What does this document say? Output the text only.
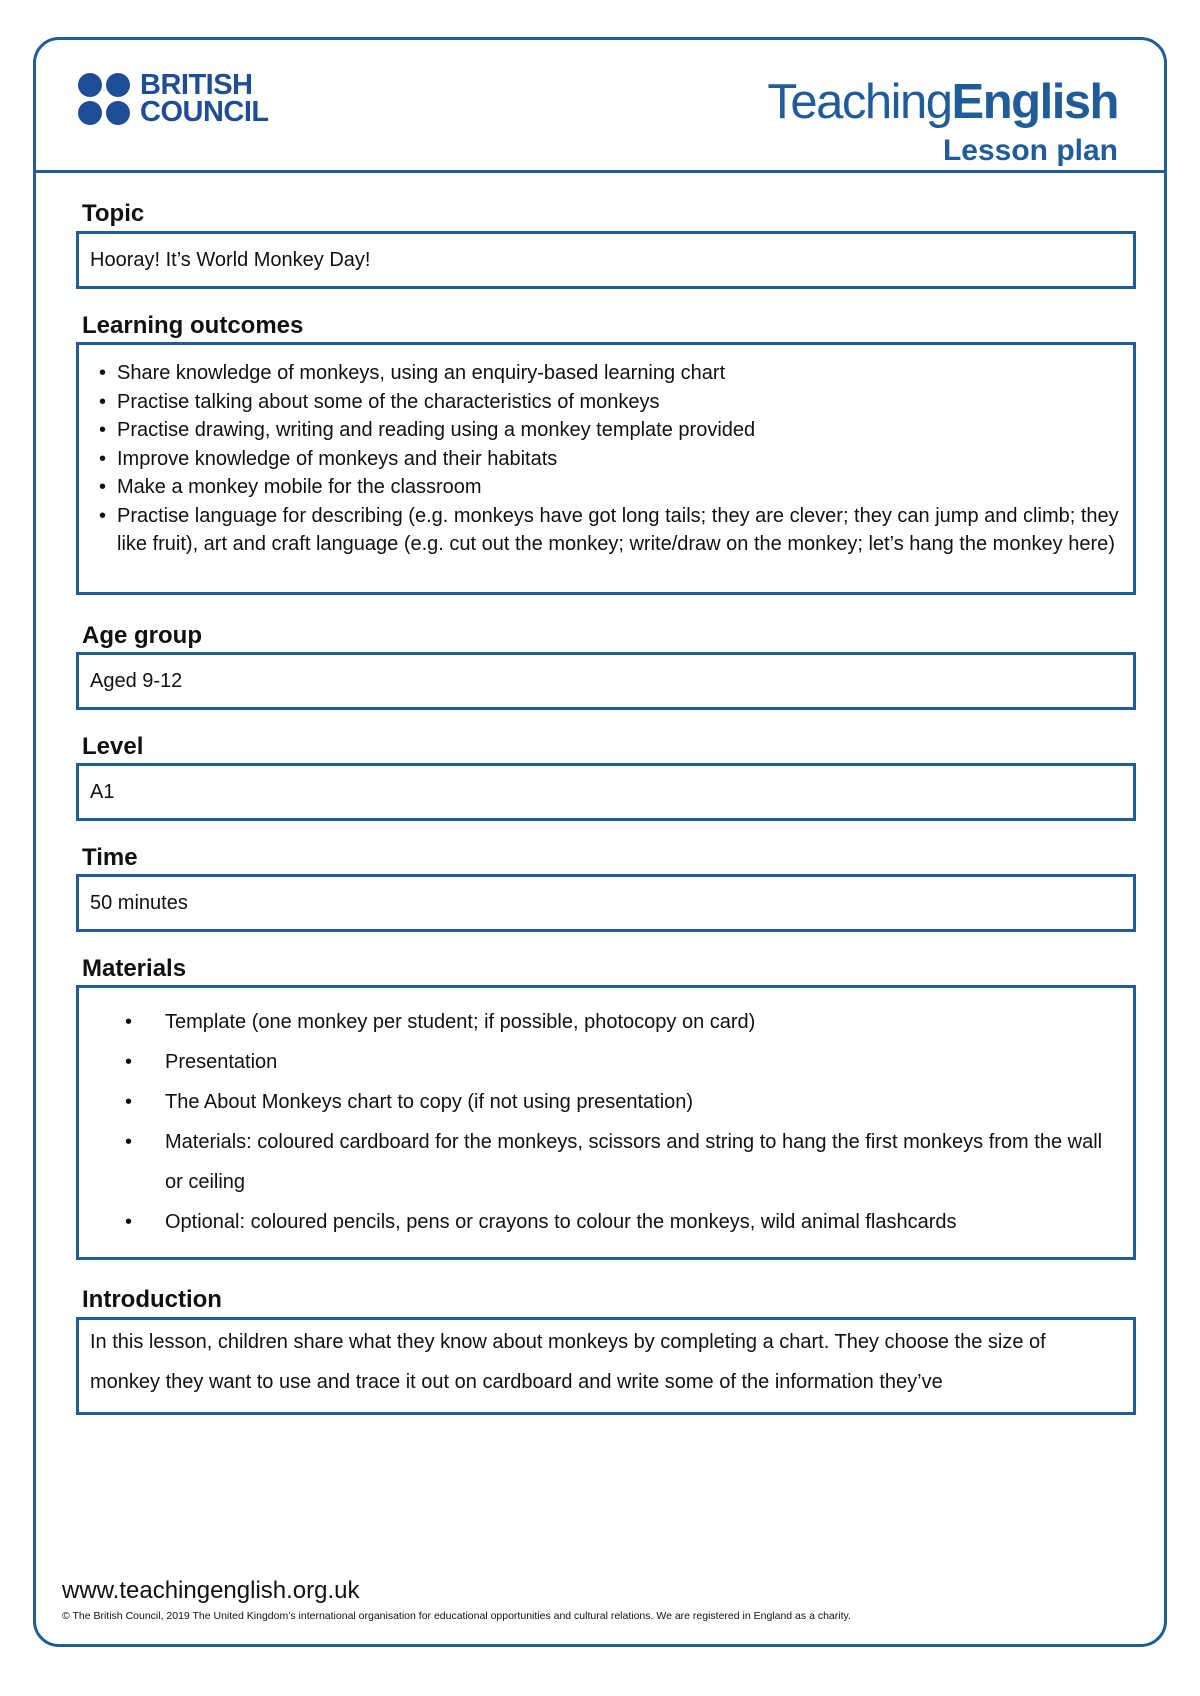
BRITISH
COUNCIL	TeachingEnglish
Lesson plan
Topic
Hooray! It’s World Monkey Day!
Learning outcomes
• Share knowledge of monkeys, using an enquiry-based learning chart
• Practise talking about some of the characteristics of monkeys
• Practise drawing, writing and reading using a monkey template provided
• Improve knowledge of monkeys and their habitats
• Make a monkey mobile for the classroom
• Practise language for describing (e.g. monkeys have got long tails; they are clever; they can jump and climb; they like fruit), art and craft language (e.g. cut out the monkey; write/draw on the monkey; let’s hang the monkey here)
Age group
Aged 9-12
Level
A1
Time
50 minutes
Materials
• Template (one monkey per student; if possible, photocopy on card)
• Presentation
• The About Monkeys chart to copy (if not using presentation)
• Materials: coloured cardboard for the monkeys, scissors and string to hang the first monkeys from the wall or ceiling
• Optional: coloured pencils, pens or crayons to colour the monkeys, wild animal flashcards
Introduction
In this lesson, children share what they know about monkeys by completing a chart. They choose the size of monkey they want to use and trace it out on cardboard and write some of the information they’ve
www.teachingenglish.org.uk
© The British Council, 2019 The United Kingdom’s international organisation for educational opportunities and cultural relations. We are registered in England as a charity.
